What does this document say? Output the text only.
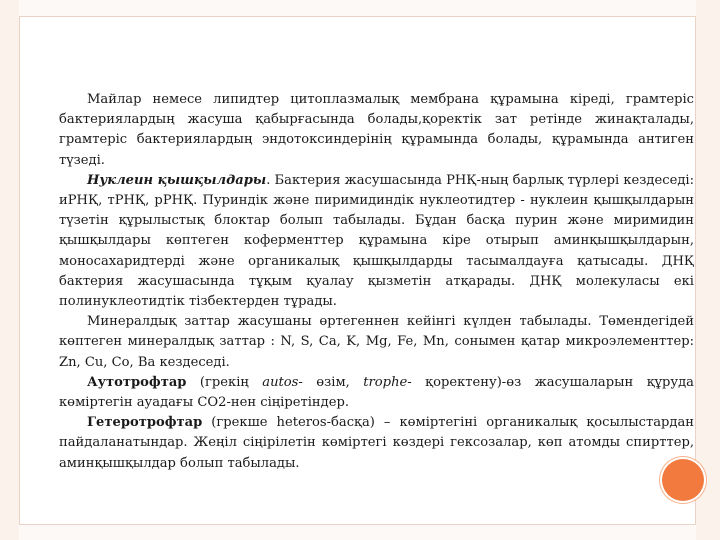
Майлар немесе липидтер цитоплазмалық мембрана құрамына кіреді, грамтеріс бактериялардың жасуша қабырғасында болады,қоректік зат ретінде жинақталады, грамтеріс бактериялардың эндотоксиндерінің құрамында болады, құрамында антиген түзеді.

Нуклеин қышқылдары. Бактерия жасушасында РНҚ-ның барлық түрлері кездеседі: иРНҚ, тРНҚ, рРНҚ. Пуриндік және пиримидиндік нуклеотидтер - нуклеин қышқылдарын түзетін құрылыстық блоктар болып табылады. Бұдан басқа пурин және миримидин қышқылдары көптеген коферменттер құрамына кіре отырып аминқышқылдарын, моносахаридтерді және органикалық қышқылдарды тасымалдауға қатысады. ДНҚ бактерия жасушасында тұқым қуалау қызметін атқарады. ДНҚ молекуласы екі полинуклеотидтік тізбектерден тұрады.

Минералдық заттар жасушаны өртегеннен кейінгі күлден табылады. Төмендегідей көптеген минералдық заттар : N, S, Ca, K, Mg, Fe, Mn, сонымен қатар микроэлементтер: Zn, Cu, Co, Ba кездеседі.

Аутотрофтар (грекің autos- өзім, trophe- қоректену)-өз жасушаларын құруда көміртегін ауадағы СО2-нен сіңіретіндер.

Гетеротрофтар (грекше heteros-басқа) – көміртегіні органикалық қосылыстардан пайдаланатындар. Жеңіл сіңірілетін көміртегі көздері гексозалар, көп атомды спирттер, аминқышқылдар болып табылады.
